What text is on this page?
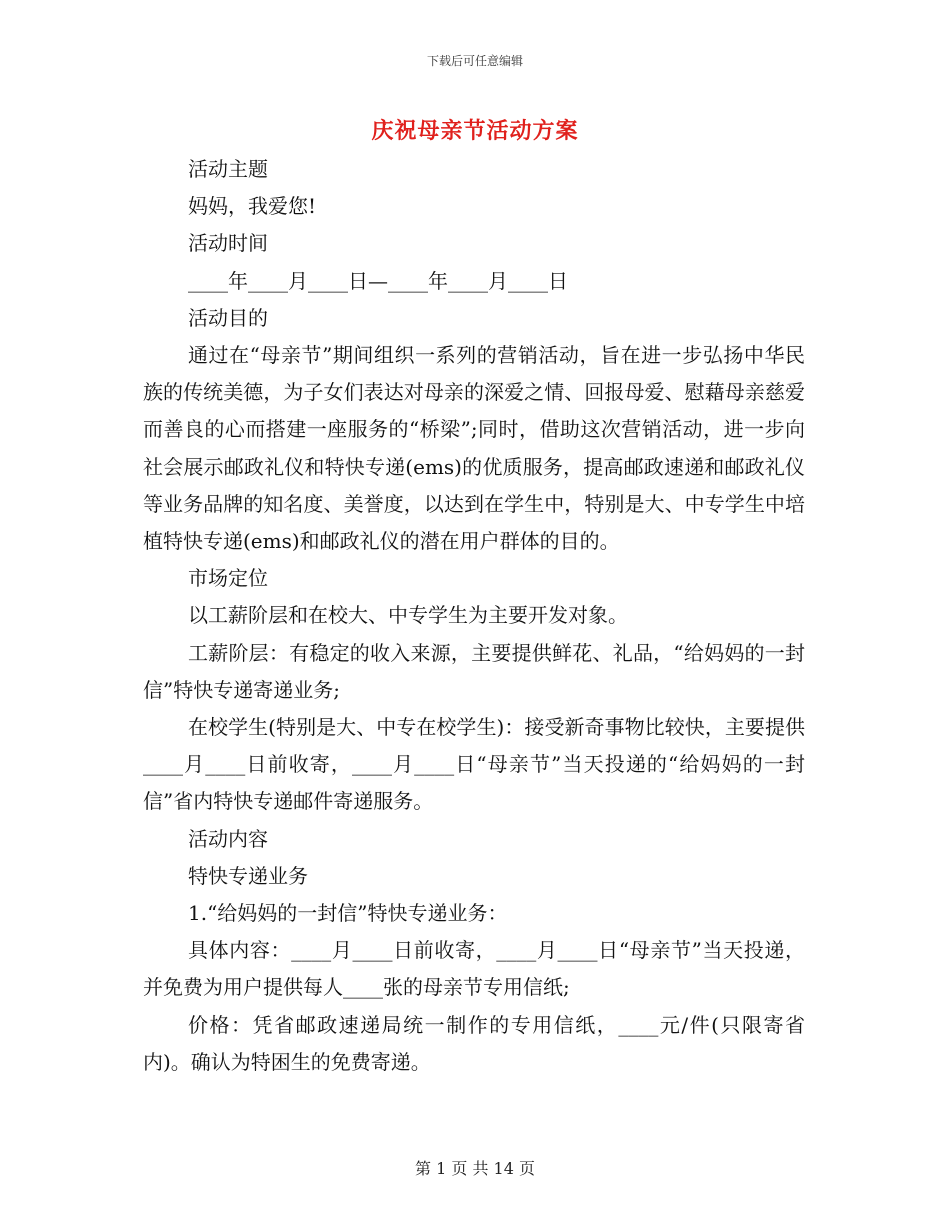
下载后可任意编辑
庆祝母亲节活动方案

活动主题

妈妈，我爱您!

活动时间

____年____月____日—____年____月____日

活动目的

通过在“母亲节”期间组织一系列的营销活动，旨在进一步弘扬中华民族的传统美德，为子女们表达对母亲的深爱之情、回报母爱、慰藉母亲慈爱而善良的心而搭建一座服务的“桥梁”;同时，借助这次营销活动，进一步向社会展示邮政礼仪和特快专递(ems)的优质服务，提高邮政速递和邮政礼仪等业务品牌的知名度、美誉度，以达到在学生中，特别是大、中专学生中培植特快专递(ems)和邮政礼仪的潜在用户群体的目的。

市场定位

以工薪阶层和在校大、中专学生为主要开发对象。

工薪阶层：有稳定的收入来源，主要提供鲜花、礼品，“给妈妈的一封信”特快专递寄递业务;

在校学生(特别是大、中专在校学生)：接受新奇事物比较快，主要提供____月____日前收寄，____月____日“母亲节”当天投递的“给妈妈的一封信”省内特快专递邮件寄递服务。

活动内容

特快专递业务

1.“给妈妈的一封信”特快专递业务：

具体内容：____月____日前收寄，____月____日“母亲节”当天投递，并免费为用户提供每人____张的母亲节专用信纸;

价格：凭省邮政速递局统一制作的专用信纸，____元/件(只限寄省内)。确认为特困生的免费寄递。

第 1 页 共 14 页
